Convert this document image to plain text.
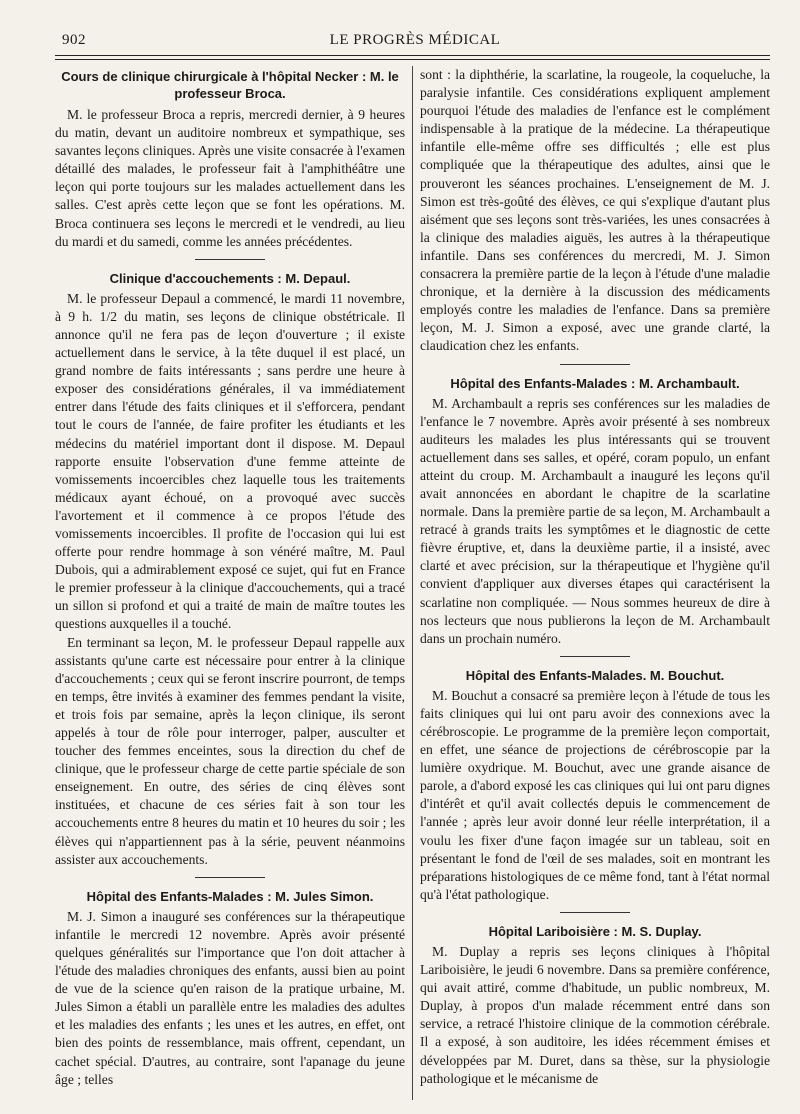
902	LE PROGRÈS MÉDICAL
Cours de clinique chirurgicale à l'hôpital Necker : M. le professeur Broca.

M. le professeur Broca a repris, mercredi dernier, à 9 heures du matin, devant un auditoire nombreux et sympathique, ses savantes leçons cliniques. Après une visite consacrée à l'examen détaillé des malades, le professeur fait à l'amphithéâtre une leçon qui porte toujours sur les malades actuellement dans les salles. C'est après cette leçon que se font les opérations. M. Broca continuera ses leçons le mercredi et le vendredi, au lieu du mardi et du samedi, comme les années précédentes.

Clinique d'accouchements : M. Depaul.

M. le professeur Depaul a commencé, le mardi 11 novembre, à 9 h. 1/2 du matin, ses leçons de clinique obstétricale. Il annonce qu'il ne fera pas de leçon d'ouverture ; il existe actuellement dans le service, à la tête duquel il est placé, un grand nombre de faits intéressants ; sans perdre une heure à exposer des considérations générales, il va immédiatement entrer dans l'étude des faits cliniques et il s'efforcera, pendant tout le cours de l'année, de faire profiter les étudiants et les médecins du matériel important dont il dispose. M. Depaul rapporte ensuite l'observation d'une femme atteinte de vomissements incoercibles chez laquelle tous les traitements médicaux ayant échoué, on a provoqué avec succès l'avortement et il commence à ce propos l'étude des vomissements incoercibles. Il profite de l'occasion qui lui est offerte pour rendre hommage à son vénéré maître, M. Paul Dubois, qui a admirablement exposé ce sujet, qui fut en France le premier professeur à la clinique d'accouchements, qui a tracé un sillon si profond et qui a traité de main de maître toutes les questions auxquelles il a touché.

En terminant sa leçon, M. le professeur Depaul rappelle aux assistants qu'une carte est nécessaire pour entrer à la clinique d'accouchements ; ceux qui se feront inscrire pourront, de temps en temps, être invités à examiner des femmes pendant la visite, et trois fois par semaine, après la leçon clinique, ils seront appelés à tour de rôle pour interroger, palper, ausculter et toucher des femmes enceintes, sous la direction du chef de clinique, que le professeur charge de cette partie spéciale de son enseignement. En outre, des séries de cinq élèves sont instituées, et chacune de ces séries fait à son tour les accouchements entre 8 heures du matin et 10 heures du soir ; les élèves qui n'appartiennent pas à la série, peuvent néanmoins assister aux accouchements.

Hôpital des Enfants-Malades : M. Jules Simon.

M. J. Simon a inauguré ses conférences sur la thérapeutique infantile le mercredi 12 novembre. Après avoir présenté quelques généralités sur l'importance que l'on doit attacher à l'étude des maladies chroniques des enfants, aussi bien au point de vue de la science qu'en raison de la pratique urbaine, M. Jules Simon a établi un parallèle entre les maladies des adultes et les maladies des enfants ; les unes et les autres, en effet, ont bien des points de ressemblance, mais offrent, cependant, un cachet spécial. D'autres, au contraire, sont l'apanage du jeune âge ; telles

sont : la diphthérie, la scarlatine, la rougeole, la coqueluche, la paralysie infantile. Ces considérations expliquent amplement pourquoi l'étude des maladies de l'enfance est le complément indispensable à la pratique de la médecine. La thérapeutique infantile elle-même offre ses difficultés ; elle est plus compliquée que la thérapeutique des adultes, ainsi que le prouveront les séances prochaines. L'enseignement de M. J. Simon est très-goûté des élèves, ce qui s'explique d'autant plus aisément que ses leçons sont très-variées, les unes consacrées à la clinique des maladies aiguës, les autres à la thérapeutique infantile. Dans ses conférences du mercredi, M. J. Simon consacrera la première partie de la leçon à l'étude d'une maladie chronique, et la dernière à la discussion des médicaments employés contre les maladies de l'enfance. Dans sa première leçon, M. J. Simon a exposé, avec une grande clarté, la claudication chez les enfants.

Hôpital des Enfants-Malades : M. Archambault.

M. Archambault a repris ses conférences sur les maladies de l'enfance le 7 novembre. Après avoir présenté à ses nombreux auditeurs les malades les plus intéressants qui se trouvent actuellement dans ses salles, et opéré, coram populo, un enfant atteint du croup. M. Archambault a inauguré les leçons qu'il avait annoncées en abordant le chapitre de la scarlatine normale. Dans la première partie de sa leçon, M. Archambault a retracé à grands traits les symptômes et le diagnostic de cette fièvre éruptive, et, dans la deuxième partie, il a insisté, avec clarté et avec précision, sur la thérapeutique et l'hygiène qu'il convient d'appliquer aux diverses étapes qui caractérisent la scarlatine non compliquée. — Nous sommes heureux de dire à nos lecteurs que nous publierons la leçon de M. Archambault dans un prochain numéro.

Hôpital des Enfants-Malades. M. Bouchut.

M. Bouchut a consacré sa première leçon à l'étude de tous les faits cliniques qui lui ont paru avoir des connexions avec la cérébroscopie. Le programme de la première leçon comportait, en effet, une séance de projections de cérébroscopie par la lumière oxydrique. M. Bouchut, avec une grande aisance de parole, a d'abord exposé les cas cliniques qui lui ont paru dignes d'intérêt et qu'il avait collectés depuis le commencement de l'année ; après leur avoir donné leur réelle interprétation, il a voulu les fixer d'une façon imagée sur un tableau, soit en présentant le fond de l'œil de ses malades, soit en montrant les préparations histologiques de ce même fond, tant à l'état normal qu'à l'état pathologique.

Hôpital Lariboisière : M. S. Duplay.

M. Duplay a repris ses leçons cliniques à l'hôpital Lariboisière, le jeudi 6 novembre. Dans sa première conférence, qui avait attiré, comme d'habitude, un public nombreux, M. Duplay, à propos d'un malade récemment entré dans son service, a retracé l'histoire clinique de la commotion cérébrale. Il a exposé, à son auditoire, les idées récemment émises et développées par M. Duret, dans sa thèse, sur la physiologie pathologique et le mécanisme de
